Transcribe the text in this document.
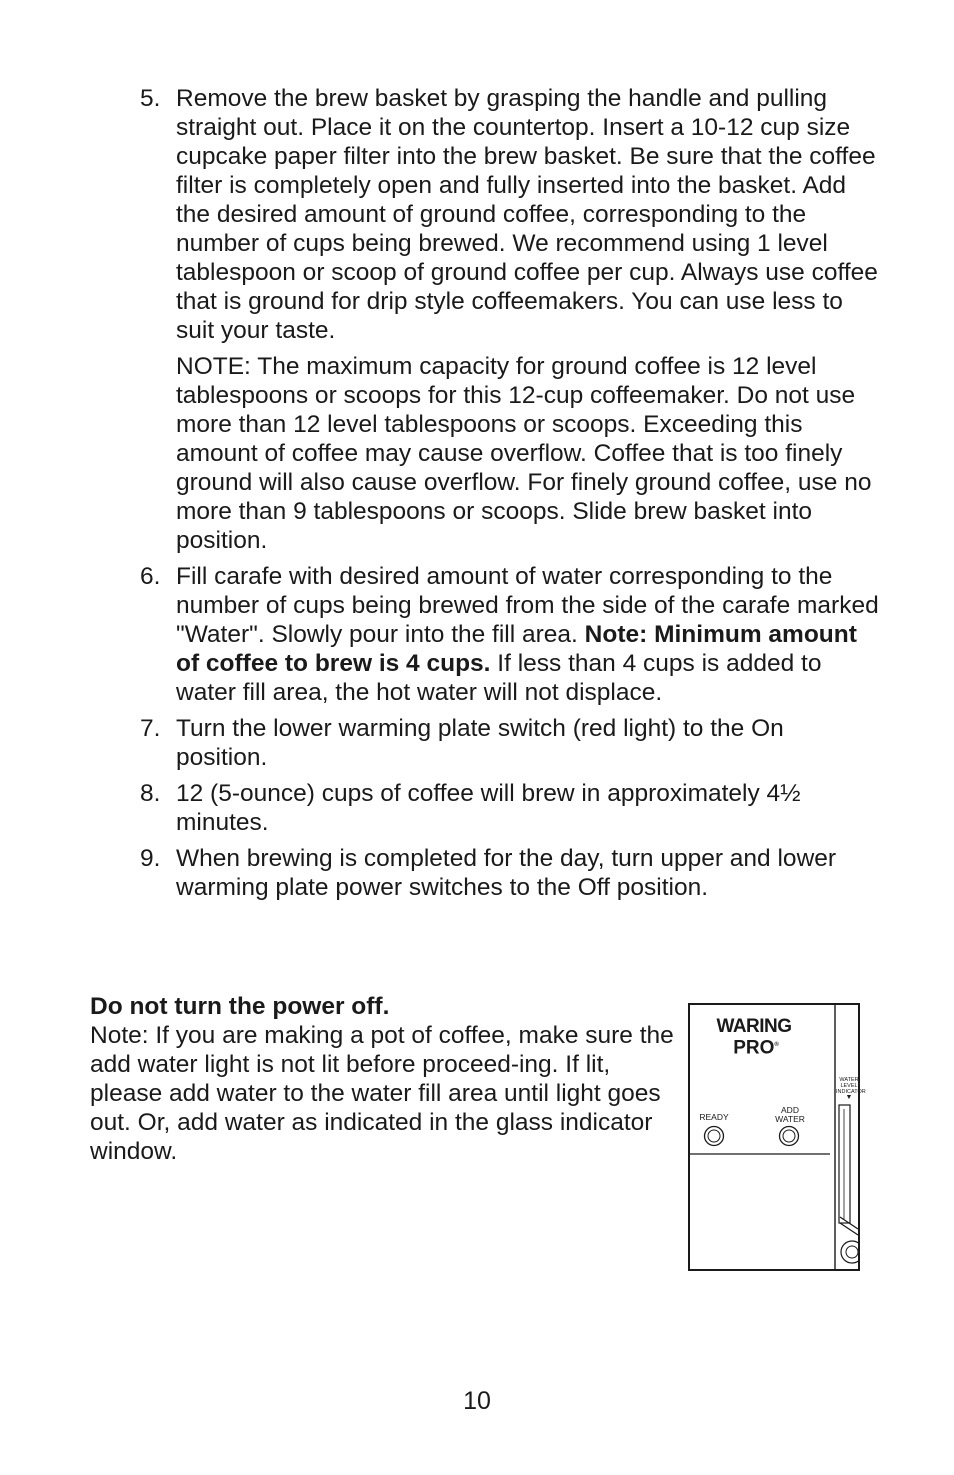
5. Remove the brew basket by grasping the handle and pulling straight out. Place it on the countertop. Insert a 10-12 cup size cupcake paper filter into the brew basket. Be sure that the coffee filter is completely open and fully inserted into the basket. Add the desired amount of ground coffee, corresponding to the number of cups being brewed. We recommend using 1 level tablespoon or scoop of ground coffee per cup. Always use coffee that is ground for drip style coffeemakers. You can use less to suit your taste.

NOTE: The maximum capacity for ground coffee is 12 level tablespoons or scoops for this 12-cup coffeemaker. Do not use more than 12 level tablespoons or scoops. Exceeding this amount of coffee may cause overflow. Coffee that is too finely ground will also cause overflow. For finely ground coffee, use no more than 9 tablespoons or scoops. Slide brew basket into position.

6. Fill carafe with desired amount of water corresponding to the number of cups being brewed from the side of the carafe marked "Water". Slowly pour into the fill area. Note: Minimum amount of coffee to brew is 4 cups. If less than 4 cups is added to water fill area, the hot water will not displace.

7. Turn the lower warming plate switch (red light) to the On position.

8. 12 (5-ounce) cups of coffee will brew in approximately 4½ minutes.

9. When brewing is completed for the day, turn upper and lower warming plate power switches to the Off position.

Do not turn the power off.

Note: If you are making a pot of coffee, make sure the add water light is not lit before proceed-ing. If lit, please add water to the water fill area until light goes out. Or, add water as indicated in the glass indicator window.

WARING
PRO®
READY
ADD
WATER
WATER
LEVEL
INDICATOR
▼
10
